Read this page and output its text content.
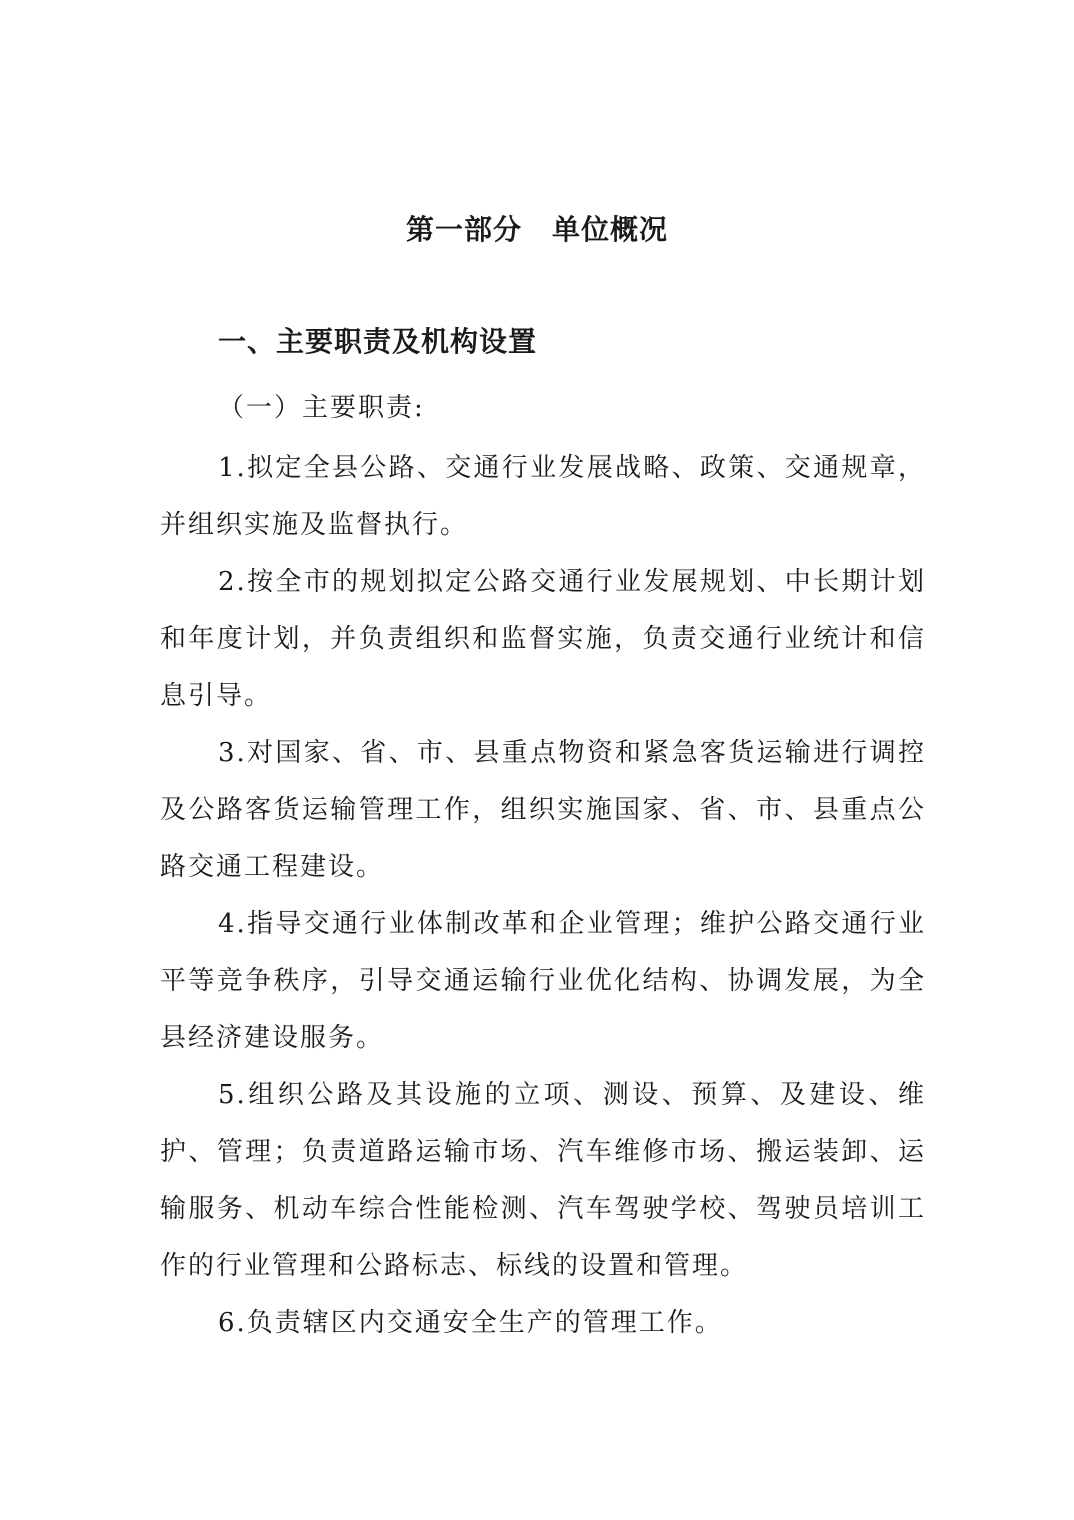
第一部分 单位概况
一、主要职责及机构设置
（一）主要职责:

1.拟定全县公路、交通行业发展战略、政策、交通规章，并组织实施及监督执行。

2.按全市的规划拟定公路交通行业发展规划、中长期计划和年度计划，并负责组织和监督实施，负责交通行业统计和信息引导。

3.对国家、省、市、县重点物资和紧急客货运输进行调控及公路客货运输管理工作，组织实施国家、省、市、县重点公路交通工程建设。

4.指导交通行业体制改革和企业管理；维护公路交通行业平等竞争秩序，引导交通运输行业优化结构、协调发展，为全县经济建设服务。

5.组织公路及其设施的立项、测设、预算、及建设、维护、管理；负责道路运输市场、汽车维修市场、搬运装卸、运输服务、机动车综合性能检测、汽车驾驶学校、驾驶员培训工作的行业管理和公路标志、标线的设置和管理。

6.负责辖区内交通安全生产的管理工作。
